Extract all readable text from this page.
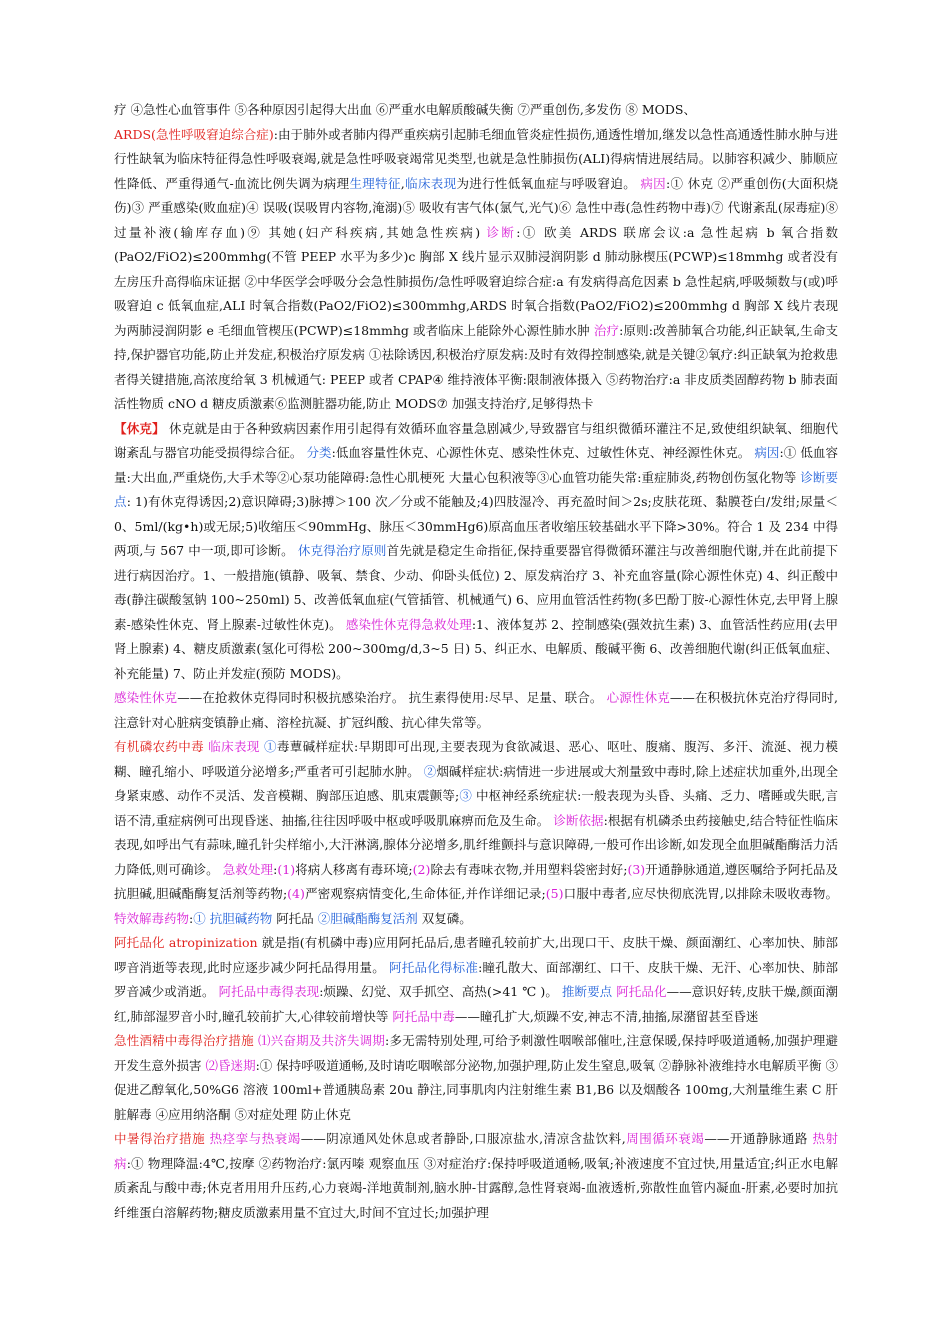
疗 ④急性心血管事件 ⑤各种原因引起得大出血 ⑥严重水电解质酸碱失衡 ⑦严重创伤,多发伤 ⑧ MODS、

ARDS(急性呼吸窘迫综合症):由于肺外或者肺内得严重疾病引起肺毛细血管炎症性损伤,通透性增加,继发以急性高通透性肺水肿与进行性缺氧为临床特征得急性呼吸衰竭,就是急性呼吸衰竭常见类型,也就是急性肺损伤(ALI)得病情进展结局。以肺容积减少、肺顺应性降低、严重得通气-血流比例失调为病理生理特征,临床表现为进行性低氧血症与呼吸窘迫。 病因:① 休克 ②严重创伤(大面积烧伤)③ 严重感染(败血症)④ 误吸(误吸胃内容物,淹溺)⑤ 吸收有害气体(氯气,光气)⑥ 急性中毒(急性药物中毒)⑦ 代谢紊乱(尿毒症)⑧ 过量补液(输库存血)⑨ 其她(妇产科疾病,其她急性疾病) 诊断:① 欧美 ARDS 联席会议:a 急性起病 b 氧合指数(PaO2/FiO2)≤200mmhg(不管 PEEP 水平为多少)c 胸部 X 线片显示双肺浸润阴影 d 肺动脉楔压(PCWP)≤18mmhg 或者没有左房压升高得临床证据 ②中华医学会呼吸分会急性肺损伤/急性呼吸窘迫综合症:a 有发病得高危因素 b 急性起病,呼吸频数与(或)呼吸窘迫 c 低氧血症,ALI 时氧合指数(PaO2/FiO2)≤300mmhg,ARDS 时氧合指数(PaO2/FiO2)≤200mmhg d 胸部 X 线片表现为两肺浸润阴影 e 毛细血管楔压(PCWP)≤18mmhg 或者临床上能除外心源性肺水肿 治疗:原则:改善肺氧合功能,纠正缺氧,生命支持,保护器官功能,防止并发症,积极治疗原发病 ①祛除诱因,积极治疗原发病:及时有效得控制感染,就是关键②氧疗:纠正缺氧为抢救患者得关键措施,高浓度给氧 3 机械通气: PEEP 或者 CPAP④ 维持液体平衡:限制液体摄入 ⑤药物治疗:a 非皮质类固醇药物 b 肺表面活性物质 cNO d 糖皮质激素⑥监测脏器功能,防止 MODS⑦ 加强支持治疗,足够得热卡

【休克】 休克就是由于各种致病因素作用引起得有效循环血容量急剧减少,导致器官与组织微循环灌注不足,致使组织缺氧、细胞代谢紊乱与器官功能受损得综合征。 分类:低血容量性休克、心源性休克、感染性休克、过敏性休克、神经源性休克。 病因:① 低血容量:大出血,严重烧伤,大手术等②心泵功能障碍:急性心肌梗死 大量心包积液等③心血管功能失常:重症肺炎,药物创伤氢化物等 诊断要点: 1)有休克得诱因;2)意识障碍;3)脉搏＞100 次／分或不能触及;4)四肢湿冷、再充盈时间＞2s;皮肤花斑、黏膜苍白/发绀;尿量＜0、5ml/(kg•h)或无尿;5)收缩压＜90mmHg、脉压＜30mmHg6)原高血压者收缩压较基础水平下降>30%。符合 1 及 234 中得两项,与 567 中一项,即可诊断。 休克得治疗原则首先就是稳定生命指征,保持重要器官得微循环灌注与改善细胞代谢,并在此前提下进行病因治疗。1、一般措施(镇静、吸氧、禁食、少动、仰卧头低位) 2、原发病治疗 3、补充血容量(除心源性休克) 4、纠正酸中毒(静注碳酸氢钠 100~250ml) 5、改善低氧血症(气管插管、机械通气) 6、应用血管活性药物(多巴酚丁胺-心源性休克,去甲肾上腺素-感染性休克、肾上腺素-过敏性休克)。 感染性休克得急救处理:1、液体复苏 2、控制感染(强效抗生素) 3、血管活性药应用(去甲肾上腺素) 4、糖皮质激素(氢化可得松 200~300mg/d,3~5 日) 5、纠正水、电解质、酸碱平衡 6、改善细胞代谢(纠正低氧血症、补充能量) 7、防止并发症(预防 MODS)。

感染性休克——在抢救休克得同时积极抗感染治疗。 抗生素得使用:尽早、足量、联合。 心源性休克——在积极抗休克治疗得同时,注意针对心脏病变镇静止痛、溶栓抗凝、扩冠纠酸、抗心律失常等。

有机磷农药中毒 临床表现 ①毒蕈碱样症状:早期即可出现,主要表现为食欲减退、恶心、呕吐、腹痛、腹泻、多汗、流涎、视力模糊、瞳孔缩小、呼吸道分泌增多;严重者可引起肺水肿。 ②烟碱样症状:病情进一步进展或大剂量致中毒时,除上述症状加重外,出现全身紧束感、动作不灵活、发音模糊、胸部压迫感、肌束震颤等;③ 中枢神经系统症状:一般表现为头昏、头痛、乏力、嗜睡或失眠,言语不清,重症病例可出现昏迷、抽搐,往往因呼吸中枢或呼吸肌麻痹而危及生命。 诊断依据:根据有机磷杀虫药接触史,结合特征性临床表现,如呼出气有蒜味,瞳孔针尖样缩小,大汗淋漓,腺体分泌增多,肌纤维颤抖与意识障碍,一般可作出诊断,如发现全血胆碱酯酶活力活力降低,则可确诊。 急救处理:(1)将病人移离有毒环境;(2)除去有毒味衣物,并用塑料袋密封好;(3)开通静脉通道,遵医嘱给予阿托品及抗胆碱,胆碱酯酶复活剂等药物;(4)严密观察病情变化,生命体征,并作详细记录;(5)口服中毒者,应尽快彻底洗胃,以排除未吸收毒物。 特效解毒药物:① 抗胆碱药物 阿托品 ②胆碱酯酶复活剂 双复磷。

阿托品化 atropinization 就是指(有机磷中毒)应用阿托品后,患者瞳孔较前扩大,出现口干、皮肤干燥、颜面潮红、心率加快、肺部啰音消逝等表现,此时应逐步减少阿托品得用量。 阿托品化得标准:瞳孔散大、面部潮红、口干、皮肤干燥、无汗、心率加快、肺部罗音减少或消逝。 阿托品中毒得表现:烦躁、幻觉、双手抓空、高热(>41 ℃ )。 推断要点 阿托品化——意识好转,皮肤干燥,颜面潮红,肺部湿罗音小时,瞳孔较前扩大,心律较前增快等 阿托品中毒——瞳孔扩大,烦躁不安,神志不清,抽搐,尿潴留甚至昏迷

急性酒精中毒得治疗措施 ⑴兴奋期及共济失调期:多无需特别处理,可给予刺激性咽喉部催吐,注意保暖,保持呼吸道通畅,加强护理避开发生意外损害 ⑵昏迷期:① 保持呼吸道通畅,及时请吃咽喉部分泌物,加强护理,防止发生窒息,吸氧 ②静脉补液维持水电解质平衡 ③促进乙醇氧化,50%G6 溶液 100ml+普通胰岛素 20u 静注,同事肌肉内注射维生素 B1,B6 以及烟酸各 100mg,大剂量维生素 C 肝脏解毒 ④应用纳洛酮 ⑤对症处理 防止休克

中暑得治疗措施 热痉挛与热衰竭——阴凉通风处休息或者静卧,口服凉盐水,清凉含盐饮料,周围循环衰竭——开通静脉通路 热射病:① 物理降温:4℃,按摩 ②药物治疗:氯丙嗪 观察血压 ③对症治疗:保持呼吸道通畅,吸氧;补液速度不宜过快,用量适宜;纠正水电解质紊乱与酸中毒;休克者用用升压药,心力衰竭-洋地黄制剂,脑水肿-甘露醇,急性肾衰竭-血液透析,弥散性血管内凝血-肝素,必要时加抗纤维蛋白溶解药物;糖皮质激素用量不宜过大,时间不宜过长;加强护理
